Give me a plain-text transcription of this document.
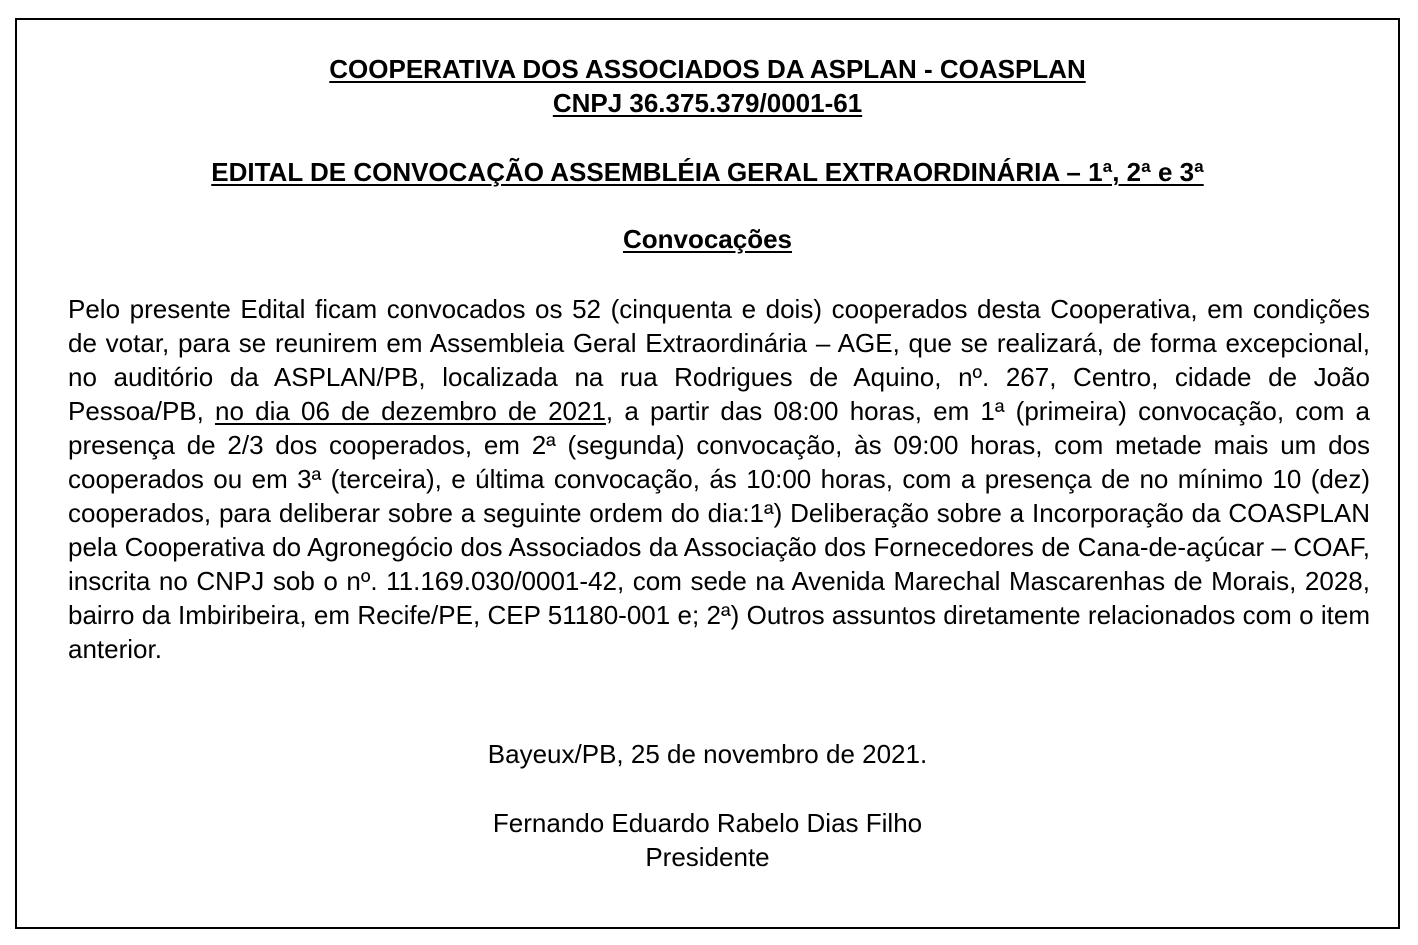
COOPERATIVA DOS ASSOCIADOS DA ASPLAN - COASPLAN

CNPJ 36.375.379/0001-61

EDITAL DE CONVOCAÇÃO ASSEMBLÉIA GERAL EXTRAORDINÁRIA – 1ª, 2ª e 3ª

Convocações

Pelo presente Edital ficam convocados os 52 (cinquenta e dois) cooperados desta Cooperativa, em condições de votar, para se reunirem em Assembleia Geral Extraordinária – AGE, que se realizará, de forma excepcional, no auditório da ASPLAN/PB, localizada na rua Rodrigues de Aquino, nº. 267, Centro, cidade de João Pessoa/PB, no dia 06 de dezembro de 2021, a partir das 08:00 horas, em 1ª (primeira) convocação, com a presença de 2/3 dos cooperados, em 2ª (segunda) convocação, às 09:00 horas, com metade mais um dos cooperados ou em 3ª (terceira), e última convocação, ás 10:00 horas, com a presença de no mínimo 10 (dez) cooperados, para deliberar sobre a seguinte ordem do dia:1ª) Deliberação sobre a Incorporação da COASPLAN pela Cooperativa do Agronegócio dos Associados da Associação dos Fornecedores de Cana-de-açúcar – COAF, inscrita no CNPJ sob o nº. 11.169.030/0001-42, com sede na Avenida Marechal Mascarenhas de Morais, 2028, bairro da Imbiribeira, em Recife/PE, CEP 51180-001 e; 2ª) Outros assuntos diretamente relacionados com o item anterior.

Bayeux/PB, 25 de novembro de 2021.

Fernando Eduardo Rabelo Dias Filho

Presidente
